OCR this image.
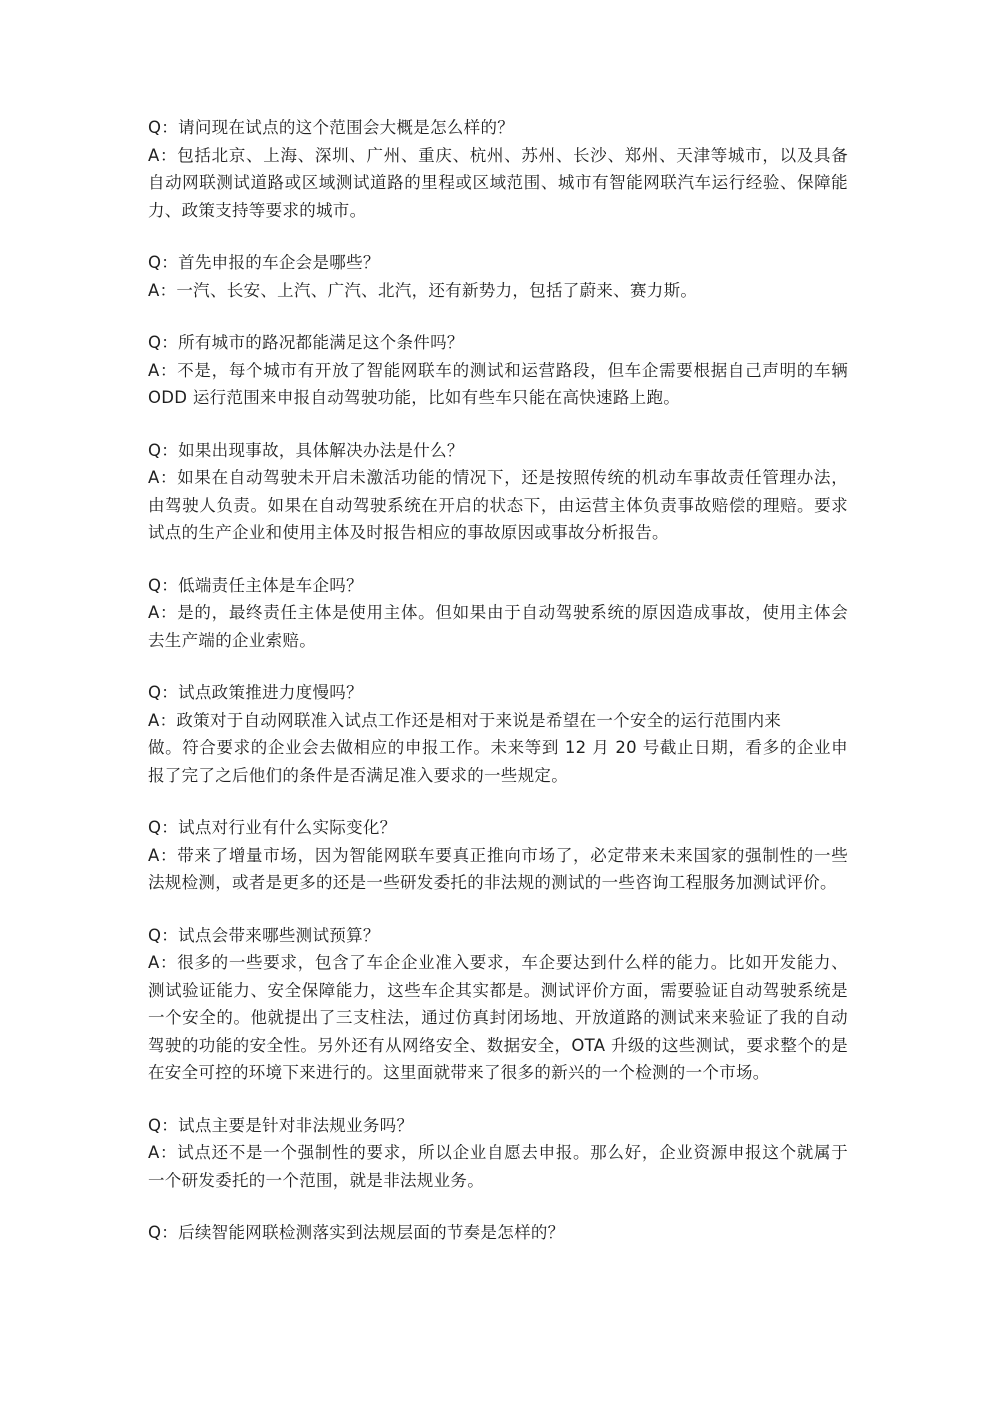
Q：请问现在试点的这个范围会大概是怎么样的？

A：包括北京、上海、深圳、广州、重庆、杭州、苏州、长沙、郑州、天津等城市，以及具备自动网联测试道路或区域测试道路的里程或区域范围、城市有智能网联汽车运行经验、保障能力、政策支持等要求的城市。

Q：首先申报的车企会是哪些？

A：一汽、长安、上汽、广汽、北汽，还有新势力，包括了蔚来、赛力斯。

Q：所有城市的路况都能满足这个条件吗？

A：不是，每个城市有开放了智能网联车的测试和运营路段，但车企需要根据自己声明的车辆 ODD 运行范围来申报自动驾驶功能，比如有些车只能在高快速路上跑。

Q：如果出现事故，具体解决办法是什么？

A：如果在自动驾驶未开启未激活功能的情况下，还是按照传统的机动车事故责任管理办法，由驾驶人负责。如果在自动驾驶系统在开启的状态下，由运营主体负责事故赔偿的理赔。要求试点的生产企业和使用主体及时报告相应的事故原因或事故分析报告。

Q：低端责任主体是车企吗？

A：是的，最终责任主体是使用主体。但如果由于自动驾驶系统的原因造成事故，使用主体会去生产端的企业索赔。

Q：试点政策推进力度慢吗？

A：政策对于自动网联准入试点工作还是相对于来说是希望在一个安全的运行范围内来
做。符合要求的企业会去做相应的申报工作。未来等到 12 月 20 号截止日期，看多的企业申报了完了之后他们的条件是否满足准入要求的一些规定。

Q：试点对行业有什么实际变化？

A：带来了增量市场，因为智能网联车要真正推向市场了，必定带来未来国家的强制性的一些法规检测，或者是更多的还是一些研发委托的非法规的测试的一些咨询工程服务加测试评价。

Q：试点会带来哪些测试预算？

A：很多的一些要求，包含了车企企业准入要求，车企要达到什么样的能力。比如开发能力、测试验证能力、安全保障能力，这些车企其实都是。测试评价方面，需要验证自动驾驶系统是一个安全的。他就提出了三支柱法，通过仿真封闭场地、开放道路的测试来来验证了我的自动驾驶的功能的安全性。另外还有从网络安全、数据安全，OTA 升级的这些测试，要求整个的是在安全可控的环境下来进行的。这里面就带来了很多的新兴的一个检测的一个市场。

Q：试点主要是针对非法规业务吗？

A：试点还不是一个强制性的要求，所以企业自愿去申报。那么好，企业资源申报这个就属于一个研发委托的一个范围，就是非法规业务。

Q：后续智能网联检测落实到法规层面的节奏是怎样的？
